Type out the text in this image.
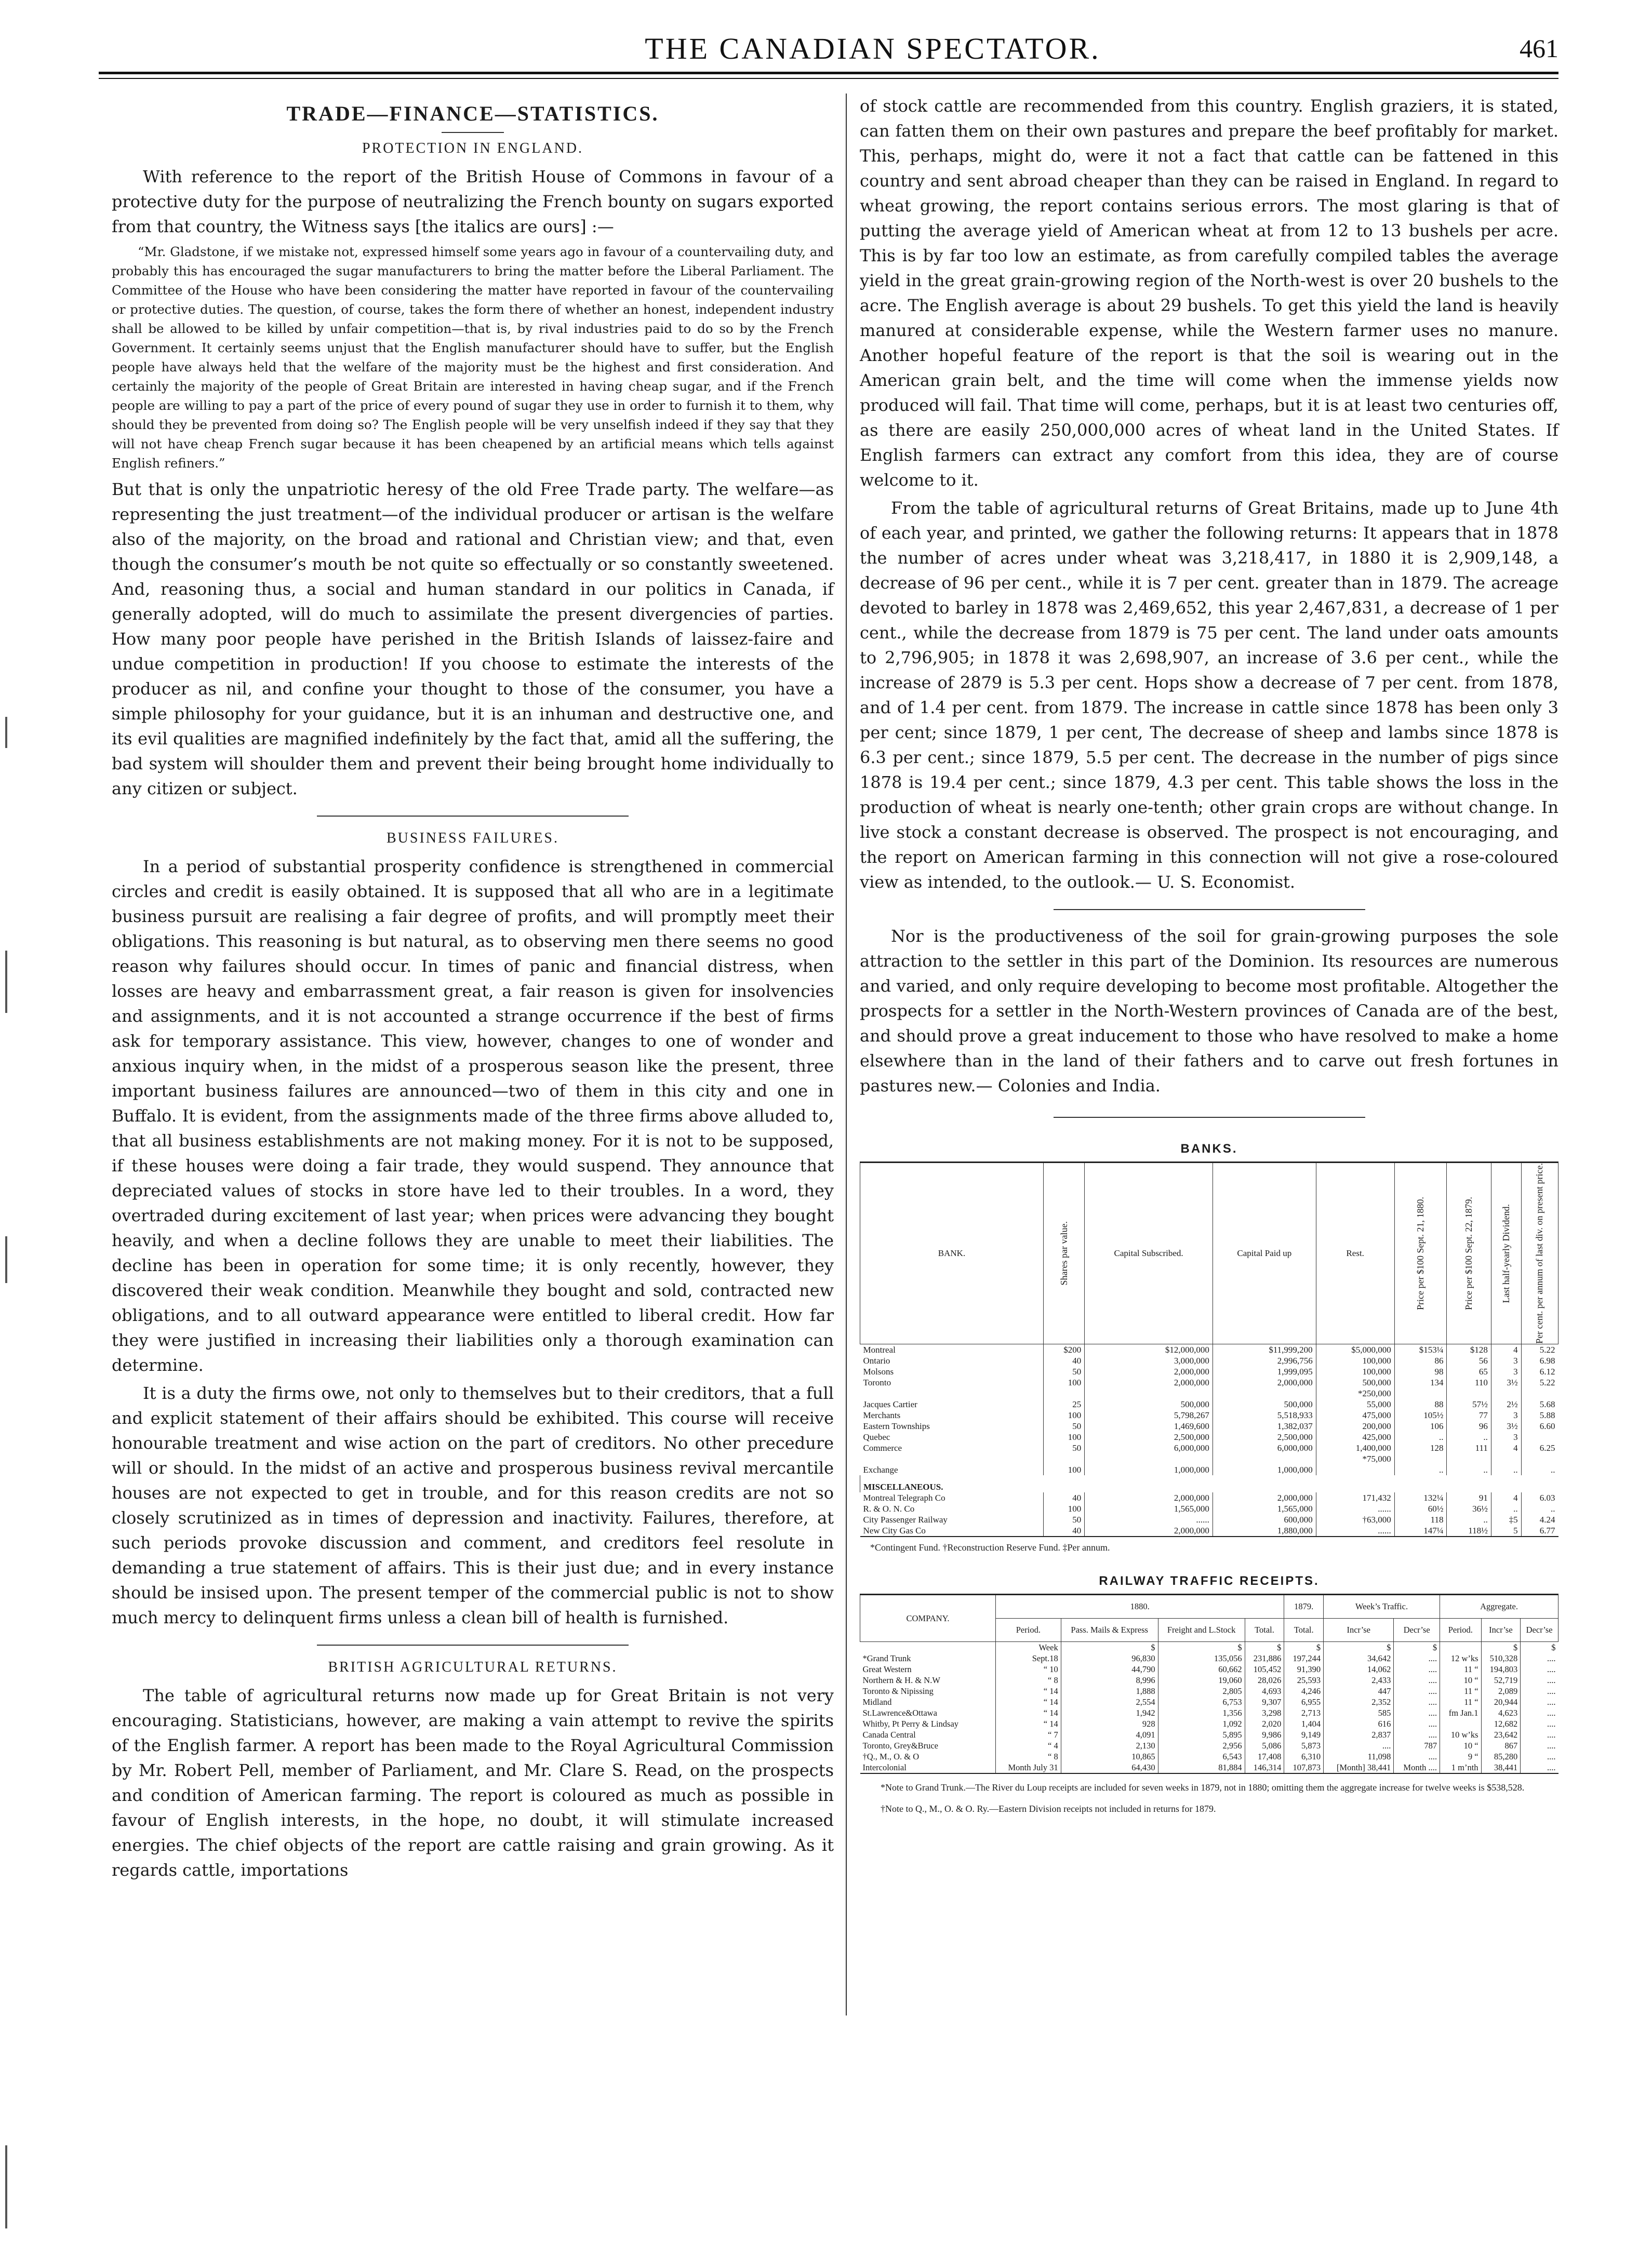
THE CANADIAN SPECTATOR.	461
TRADE—FINANCE—STATISTICS.
PROTECTION IN ENGLAND.

With reference to the report of the British House of Commons in favour of a protective duty for the purpose of neutralizing the French bounty on sugars exported from that country, the Witness says [the italics are ours] :—

“Mr. Gladstone, if we mistake not, expressed himself some years ago in favour of a countervailing duty, and probably this has encouraged the sugar manufacturers to bring the matter before the Liberal Parliament. The Committee of the House who have been considering the matter have reported in favour of the countervailing or protective duties. The question, of course, takes the form there of whether an honest, independent industry shall be allowed to be killed by unfair competition—that is, by rival industries paid to do so by the French Government. It certainly seems unjust that the English manufacturer should have to suffer, but the English people have always held that the welfare of the majority must be the highest and first consideration. And certainly the majority of the people of Great Britain are interested in having cheap sugar, and if the French people are willing to pay a part of the price of every pound of sugar they use in order to furnish it to them, why should they be prevented from doing so? The English people will be very unselfish indeed if they say that they will not have cheap French sugar because it has been cheapened by an artificial means which tells against English refiners.”

But that is only the unpatriotic heresy of the old Free Trade party. The welfare—as representing the just treatment—of the individual producer or artisan is the welfare also of the majority, on the broad and rational and Christian view; and that, even though the consumer’s mouth be not quite so effectually or so constantly sweetened. And, reasoning thus, a social and human standard in our politics in Canada, if generally adopted, will do much to assimilate the present divergencies of parties. How many poor people have perished in the British Islands of laissez-faire and undue competition in production! If you choose to estimate the interests of the producer as nil, and confine your thought to those of the consumer, you have a simple philosophy for your guidance, but it is an inhuman and destructive one, and its evil qualities are magnified indefinitely by the fact that, amid all the suffering, the bad system will shoulder them and prevent their being brought home individually to any citizen or subject.

BUSINESS FAILURES.

In a period of substantial prosperity confidence is strengthened in commercial circles and credit is easily obtained. It is supposed that all who are in a legitimate business pursuit are realising a fair degree of profits, and will promptly meet their obligations. This reasoning is but natural, as to observing men there seems no good reason why failures should occur. In times of panic and financial distress, when losses are heavy and embarrassment great, a fair reason is given for insolvencies and assignments, and it is not accounted a strange occurrence if the best of firms ask for temporary assistance. This view, however, changes to one of wonder and anxious inquiry when, in the midst of a prosperous season like the present, three important business failures are announced—two of them in this city and one in Buffalo. It is evident, from the assignments made of the three firms above alluded to, that all business establishments are not making money. For it is not to be supposed, if these houses were doing a fair trade, they would suspend. They announce that depreciated values of stocks in store have led to their troubles. In a word, they overtraded during excitement of last year; when prices were advancing they bought heavily, and when a decline follows they are unable to meet their liabilities. The decline has been in operation for some time; it is only recently, however, they discovered their weak condition. Meanwhile they bought and sold, contracted new obligations, and to all outward appearance were entitled to liberal credit. How far they were justified in increasing their liabilities only a thorough examination can determine.

It is a duty the firms owe, not only to themselves but to their creditors, that a full and explicit statement of their affairs should be exhibited. This course will receive honourable treatment and wise action on the part of creditors. No other precedure will or should. In the midst of an active and prosperous business revival mercantile houses are not expected to get in trouble, and for this reason credits are not so closely scrutinized as in times of depression and inactivity. Failures, therefore, at such periods provoke discussion and comment, and creditors feel resolute in demanding a true statement of affairs. This is their just due; and in every instance should be insised upon. The present temper of the commercial public is not to show much mercy to delinquent firms unless a clean bill of health is furnished.

BRITISH AGRICULTURAL RETURNS.

The table of agricultural returns now made up for Great Britain is not very encouraging. Statisticians, however, are making a vain attempt to revive the spirits of the English farmer. A report has been made to the Royal Agricultural Commission by Mr. Robert Pell, member of Parliament, and Mr. Clare S. Read, on the prospects and condition of American farming. The report is coloured as much as possible in favour of English interests, in the hope, no doubt, it will stimulate increased energies. The chief objects of the report are cattle raising and grain growing. As it regards cattle, importations

of stock cattle are recommended from this country. English graziers, it is stated, can fatten them on their own pastures and prepare the beef profitably for market. This, perhaps, might do, were it not a fact that cattle can be fattened in this country and sent abroad cheaper than they can be raised in England. In regard to wheat growing, the report contains serious errors. The most glaring is that of putting the average yield of American wheat at from 12 to 13 bushels per acre. This is by far too low an estimate, as from carefully compiled tables the average yield in the great grain-growing region of the North-west is over 20 bushels to the acre. The English average is about 29 bushels. To get this yield the land is heavily manured at considerable expense, while the Western farmer uses no manure. Another hopeful feature of the report is that the soil is wearing out in the American grain belt, and the time will come when the immense yields now produced will fail. That time will come, perhaps, but it is at least two centuries off, as there are easily 250,000,000 acres of wheat land in the United States. If English farmers can extract any comfort from this idea, they are of course welcome to it.

From the table of agricultural returns of Great Britains, made up to June 4th of each year, and printed, we gather the following returns: It appears that in 1878 the number of acres under wheat was 3,218,417, in 1880 it is 2,909,148, a decrease of 96 per cent., while it is 7 per cent. greater than in 1879. The acreage devoted to barley in 1878 was 2,469,652, this year 2,467,831, a decrease of 1 per cent., while the decrease from 1879 is 75 per cent. The land under oats amounts to 2,796,905; in 1878 it was 2,698,907, an increase of 3.6 per cent., while the increase of 2879 is 5.3 per cent. Hops show a decrease of 7 per cent. from 1878, and of 1.4 per cent. from 1879. The increase in cattle since 1878 has been only 3 per cent; since 1879, 1 per cent, The decrease of sheep and lambs since 1878 is 6.3 per cent.; since 1879, 5.5 per cent. The decrease in the number of pigs since 1878 is 19.4 per cent.; since 1879, 4.3 per cent. This table shows the loss in the production of wheat is nearly one-tenth; other grain crops are without change. In live stock a constant decrease is observed. The prospect is not encouraging, and the report on American farming in this connection will not give a rose-coloured view as intended, to the outlook.— U. S. Economist.

Nor is the productiveness of the soil for grain-growing purposes the sole attraction to the settler in this part of the Dominion. Its resources are numerous and varied, and only require developing to become most profitable. Altogether the prospects for a settler in the North-Western provinces of Canada are of the best, and should prove a great inducement to those who have resolved to make a home elsewhere than in the land of their fathers and to carve out fresh fortunes in pastures new.— Colonies and India.

BANKS.
BANK.	Shares par value.	Capital Subscribed.	Capital Paid up	Rest.	Price per $100 Sept. 21, 1880.	Price per $100 Sept. 22, 1879.	Last half-yearly Dividend.	Per cent. per annum of last div. on present price.

Montreal	$200	$12,000,000	$11,999,200	$5,000,000	$153¼	$128	4	5.22
Ontario	40	3,000,000	2,996,756	100,000	86	56	3	6.98
Molsons	50	2,000,000	1,999,095	100,000	98	65	3	6.12
Toronto	100	2,000,000	2,000,000	500,000	134	110	3½	5.22
				*250,000				
Jacques Cartier	25	500,000	500,000	55,000	88	57½	2½	5.68
Merchants	100	5,798,267	5,518,933	475,000	105½	77	3	5.88
Eastern Townships	50	1,469,600	1,382,037	200,000	106	96	3½	6.60
Quebec	100	2,500,000	2,500,000	425,000	..	..	3	
Commerce	50	6,000,000	6,000,000	1,400,000	128	111	4	6.25
				*75,000				
Exchange	100	1,000,000	1,000,000		..	..	..	..
MISCELLANEOUS.								
Montreal Telegraph Co	40	2,000,000	2,000,000	171,432	132¼	91	4	6.03
R. & O. N. Co	100	1,565,000	1,565,000	......	60½	36½	..	..
City Passenger Railway	50	......	600,000	†63,000	118	..	‡5	4.24
New City Gas Co	40	2,000,000	1,880,000	......	147¼	118½	5	6.77
*Contingent Fund. †Reconstruction Reserve Fund. ‡Per annum.
RAILWAY TRAFFIC RECEIPTS.
COMPANY.	1880.				1879.	Week’s Traffic.		Aggregate.		
	Period.	Pass. Mails & Express	Freight and L.Stock	Total.	Total.	Incr’se	Decr’se	Period.	Incr’se	Decr’se
	Week	$	$	$	$	$	$		$	$
*Grand Trunk	Sept.18	96,830	135,056	231,886	197,244	34,642	....	12 w’ks	510,328	....
Great Western	“ 10	44,790	60,662	105,452	91,390	14,062	....	11 “	194,803	....
Northern & H. & N.W	“ 8	8,996	19,060	28,026	25,593	2,433	....	10 “	52,719	....
Toronto & Nipissing	“ 14	1,888	2,805	4,693	4,246	447	....	11 “	2,089	....
Midland	“ 14	2,554	6,753	9,307	6,955	2,352	....	11 “	20,944	....
St.Lawrence&Ottawa	“ 14	1,942	1,356	3,298	2,713	585	....	fm Jan.1	4,623	....
Whitby, Pt Perry & Lindsay	“ 14	928	1,092	2,020	1,404	616	....		12,682	....
Canada Central	“ 7	4,091	5,895	9,986	9,149	2,837	....	10 w’ks	23,642	....
Toronto, Grey&Bruce	“ 4	2,130	2,956	5,086	5,873	....	787	10 “	867	....
†Q., M., O. & O	“ 8	10,865	6,543	17,408	6,310	11,098	....	9 “	85,280	....
Intercolonial	Month July 31	64,430	81,884	146,314	107,873	[Month] 38,441	Month ....	1 m’nth	38,441	....
*Note to Grand Trunk.—The River du Loup receipts are included for seven weeks in 1879, not in 1880; omitting them the aggregate increase for twelve weeks is $538,528.
†Note to Q., M., O. & O. Ry.—Eastern Division receipts not included in returns for 1879.
